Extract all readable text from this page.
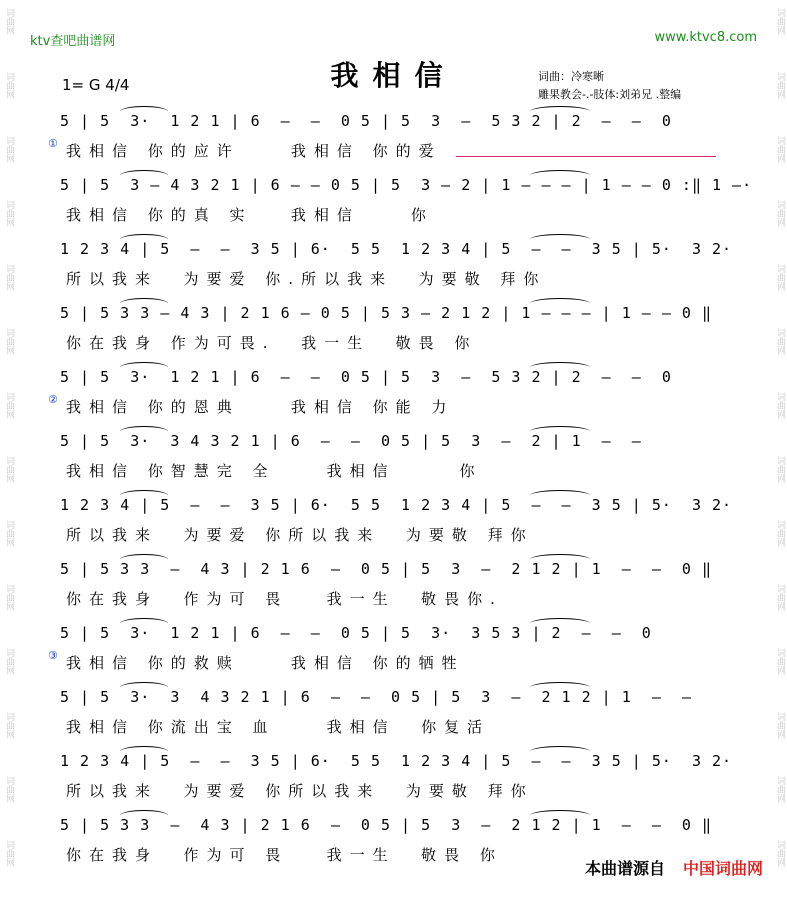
词曲网
词曲网
词曲网
词曲网
词曲网
词曲网
词曲网
词曲网
词曲网
词曲网
词曲网
词曲网
词曲网
词曲网
词曲网
词曲网
词曲网
词曲网
词曲网
词曲网
词曲网
词曲网
词曲网
词曲网
词曲网
词曲网
词曲网
词曲网
ktv查吧曲谱网	www.ktvc8.com
我相信
1= G 4/4	词曲：冷寒晰
雕果教会-.-肢体:刘弟兄 .整编
①
5 | 5  3·  1 2 1 | 6  —  —  0 5 | 5  3  —  5 3 2 | 2  —  —  0
我相信 你的应许    我相信 你的爱
5 | 5  3 — 4 3 2 1 | 6 — — 0 5 | 5  3 — 2 | 1 — — — | 1 — — 0 :‖ 1 —·
我相信 你的真 实   我相信    你
1 2 3 4 | 5  —  —  3 5 | 6·  5 5  1 2 3 4 | 5  —  —  3 5 | 5·  3 2·
所以我来  为要爱 你.所以我来  为要敬 拜你
5 | 5 3 3 — 4 3 | 2 1 6 — 0 5 | 5 3 — 2 1 2 | 1 — — — | 1 — — 0 ‖
你在我身 作为可畏.  我一生  敬畏 你
②
5 | 5  3·  1 2 1 | 6  —  —  0 5 | 5  3  —  5 3 2 | 2  —  —  0
我相信 你的恩典    我相信 你能 力
5 | 5  3·  3 4 3 2 1 | 6  —  —  0 5 | 5  3  —  2 | 1  —  —
我相信 你智慧完 全    我相信     你
1 2 3 4 | 5  —  —  3 5 | 6·  5 5  1 2 3 4 | 5  —  —  3 5 | 5·  3 2·
所以我来  为要爱 你所以我来  为要敬 拜你
5 | 5 3 3  —  4 3 | 2 1 6  —  0 5 | 5  3  —  2 1 2 | 1  —  —  0 ‖
你在我身  作为可 畏   我一生  敬畏你.
③
5 | 5  3·  1 2 1 | 6  —  —  0 5 | 5  3·  3 5 3 | 2  —  —  0
我相信 你的救赎    我相信 你的牺牲
5 | 5  3·  3  4 3 2 1 | 6  —  —  0 5 | 5  3  —  2 1 2 | 1  —  —
我相信 你流出宝 血    我相信  你复活
1 2 3 4 | 5  —  —  3 5 | 6·  5 5  1 2 3 4 | 5  —  —  3 5 | 5·  3 2·
所以我来  为要爱 你所以我来  为要敬 拜你
5 | 5 3 3  —  4 3 | 2 1 6  —  0 5 | 5  3  —  2 1 2 | 1  —  —  0 ‖
你在我身  作为可 畏   我一生  敬畏 你
本曲谱源自 中国词曲网
